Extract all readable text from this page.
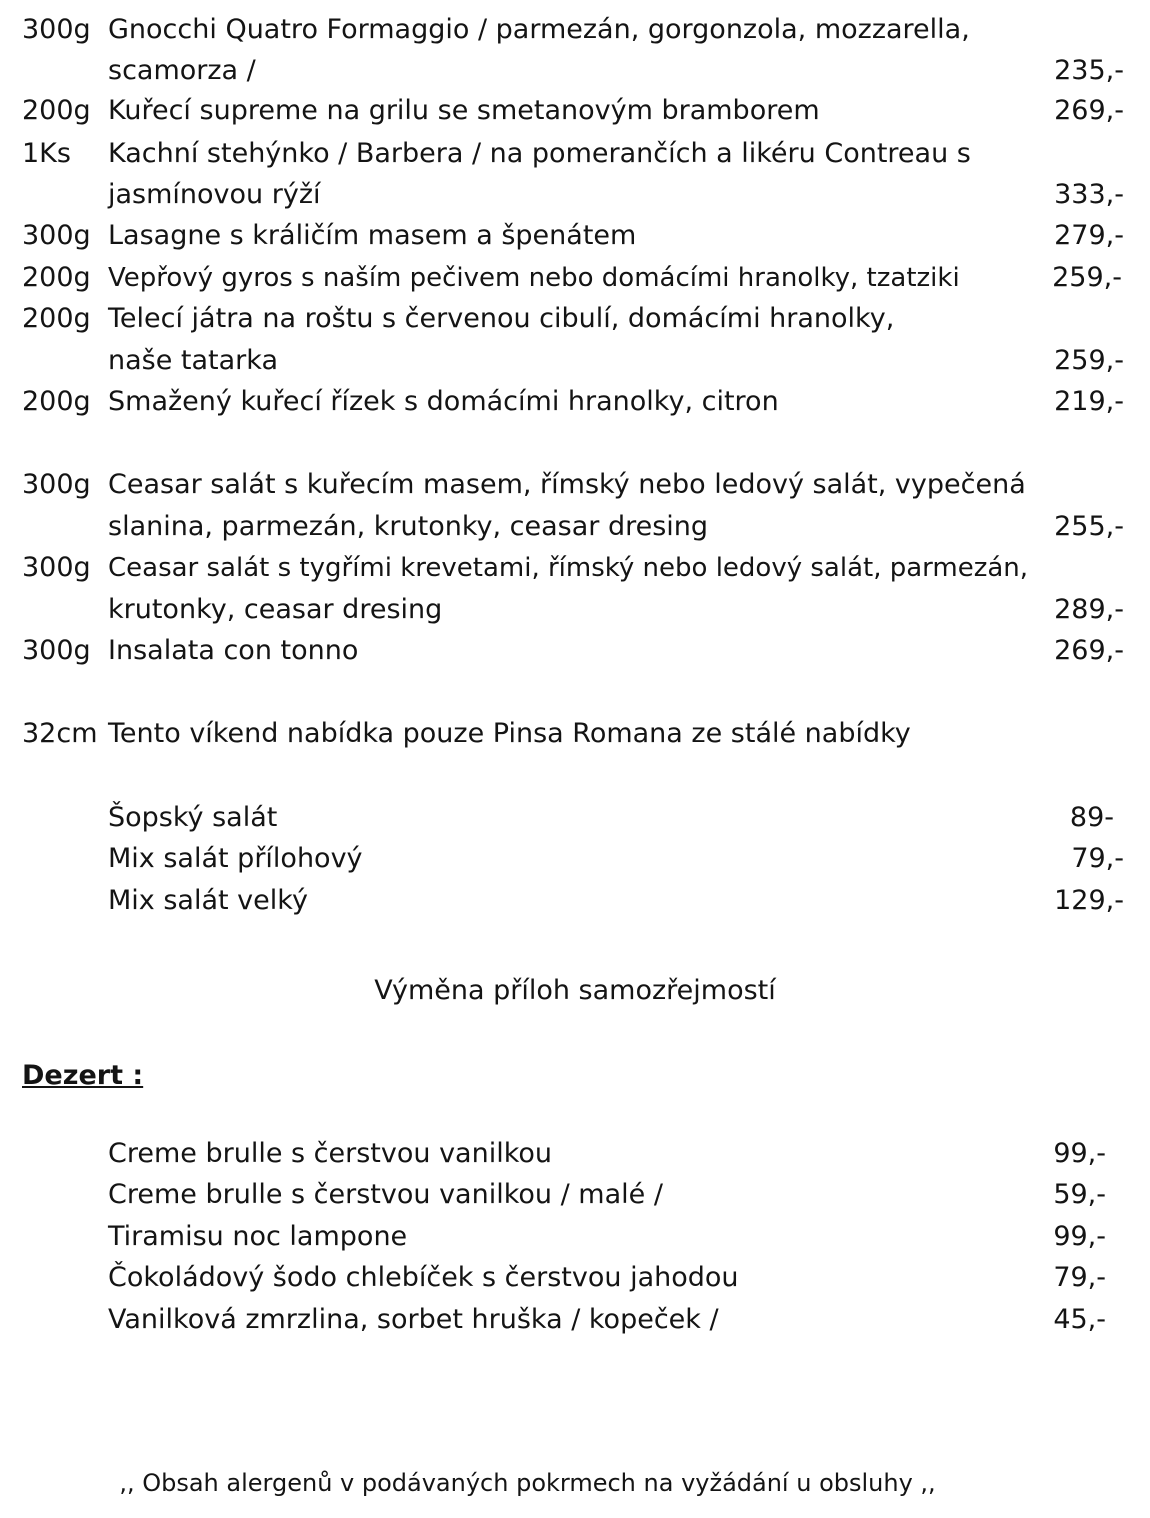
300g Gnocchi Quatro Formaggio / parmezán, gorgonzola, mozzarella,
scamorza /	235,-
200g Kuřecí supreme na grilu se smetanovým bramborem	269,-
1Ks Kachní stehýnko / Barbera / na pomerančích a likéru Contreau s
jasmínovou rýží	333,-
300g Lasagne s králičím masem a špenátem	279,-
200g Vepřový gyros s naším pečivem nebo domácími hranolky, tzatziki	259,-
200g Telecí játra na roštu s červenou cibulí, domácími hranolky,
naše tatarka	259,-
200g Smažený kuřecí řízek s domácími hranolky, citron	219,-
300g Ceasar salát s kuřecím masem, římský nebo ledový salát, vypečená
slanina, parmezán, krutonky, ceasar dresing	255,-
300g Ceasar salát s tygřími krevetami, římský nebo ledový salát, parmezán,
krutonky, ceasar dresing	289,-
300g Insalata con tonno	269,-
32cm Tento víkend nabídka pouze Pinsa Romana ze stálé nabídky
Šopský salát	89-
Mix salát přílohový	79,-
Mix salát velký	129,-
Výměna příloh samozřejmostí
Dezert :
Creme brulle s čerstvou vanilkou	99,-
Creme brulle s čerstvou vanilkou / malé /	59,-
Tiramisu noc lampone	99,-
Čokoládový šodo chlebíček s čerstvou jahodou	79,-
Vanilková zmrzlina, sorbet hruška / kopeček /	45,-
,, Obsah alergenů v podávaných pokrmech na vyžádání u obsluhy ,,
